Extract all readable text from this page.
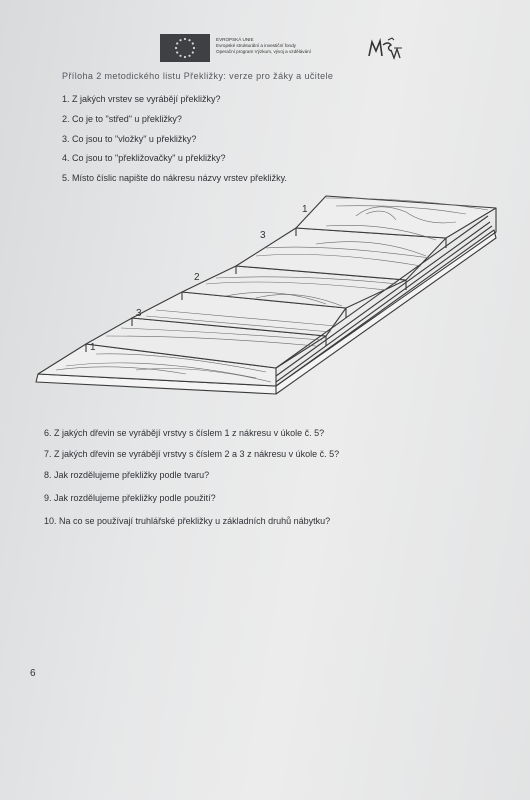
EVROPSKÁ UNIE
Evropské strukturální a investiční fondy
Operační program Výzkum, vývoj a vzdělávání
Příloha 2 metodického listu Překližky: verze pro žáky a učitele
1. Z jakých vrstev se vyrábějí překližky?
2. Co je to "střed" u překližky?
3. Co jsou to "vložky" u překližky?
4. Co jsou to "překližovačky" u překližky?
5. Místo číslic napište do nákresu názvy vrstev překližky.
1
3
2
3
1
6. Z jakých dřevin se vyrábějí vrstvy s číslem 1 z nákresu v úkole č. 5?
7. Z jakých dřevin se vyrábějí vrstvy s číslem 2 a 3 z nákresu v úkole č. 5?
8. Jak rozdělujeme překližky podle tvaru?
9. Jak rozdělujeme překližky podle použití?
10. Na co se používají truhlářské překližky u základních druhů nábytku?
6
